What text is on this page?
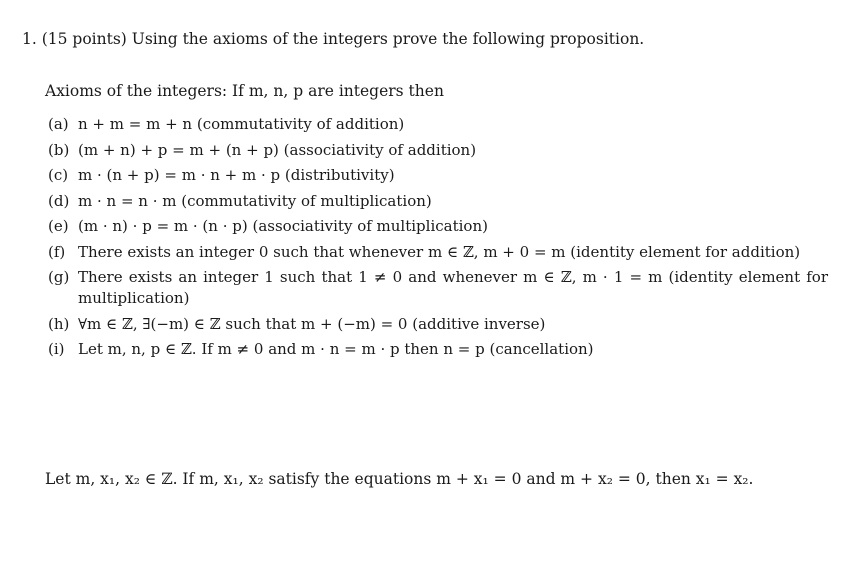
1. (15 points) Using the axioms of the integers prove the following proposition.
Axioms of the integers: If m, n, p are integers then
(a) n + m = m + n (commutativity of addition)
(b) (m + n) + p = m + (n + p) (associativity of addition)
(c) m · (n + p) = m · n + m · p (distributivity)
(d) m · n = n · m (commutativity of multiplication)
(e) (m · n) · p = m · (n · p) (associativity of multiplication)
(f) There exists an integer 0 such that whenever m ∈ ℤ, m + 0 = m (identity element for addition)
(g) There exists an integer 1 such that 1 ≠ 0 and whenever m ∈ ℤ, m · 1 = m (identity element for multiplication)
(h) ∀m ∈ ℤ, ∃(−m) ∈ ℤ such that m + (−m) = 0 (additive inverse)
(i) Let m, n, p ∈ ℤ. If m ≠ 0 and m · n = m · p then n = p (cancellation)
Let m, x₁, x₂ ∈ ℤ. If m, x₁, x₂ satisfy the equations m + x₁ = 0 and m + x₂ = 0, then x₁ = x₂.
